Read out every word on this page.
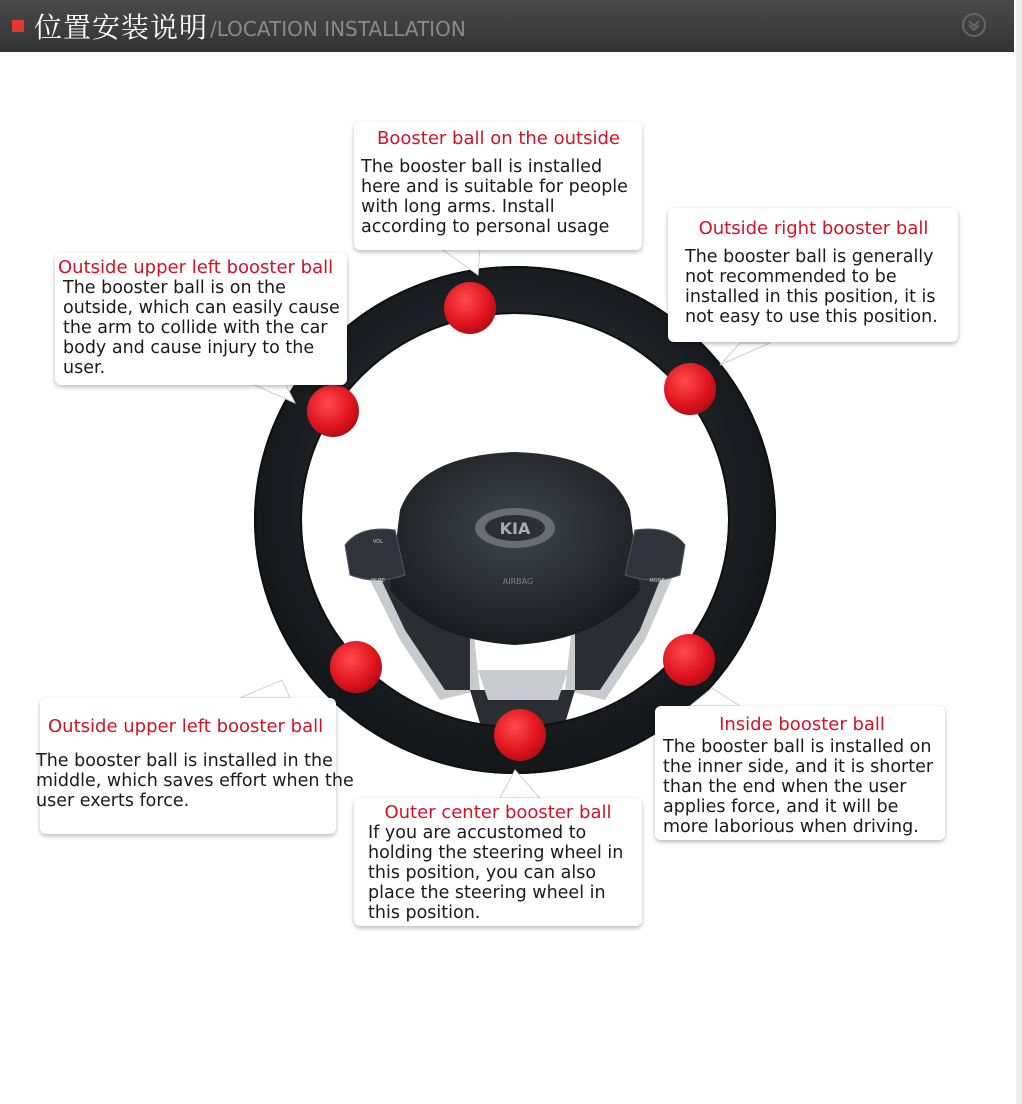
位置安装说明 /LOCATION INSTALLATION
KIA
AIRBAG
VOL
MUTE	MODE
Booster ball on the outside
The booster ball is installed here and is suitable for people with long arms. Install according to personal usage	Outside right booster ball
The booster ball is generally not recommended to be installed in this position, it is not easy to use this position.
Outside upper left booster ball
The booster ball is on the outside, which can easily cause the arm to collide with the car body and cause injury to the user.
Outside upper left booster ball
The booster ball is installed in the middle, which saves effort when the user exerts force.
Inside booster ball
The booster ball is installed on the inner side, and it is shorter than the end when the user applies force, and it will be more laborious when driving.
Outer center booster ball
If you are accustomed to holding the steering wheel in this position, you can also place the steering wheel in this position.
